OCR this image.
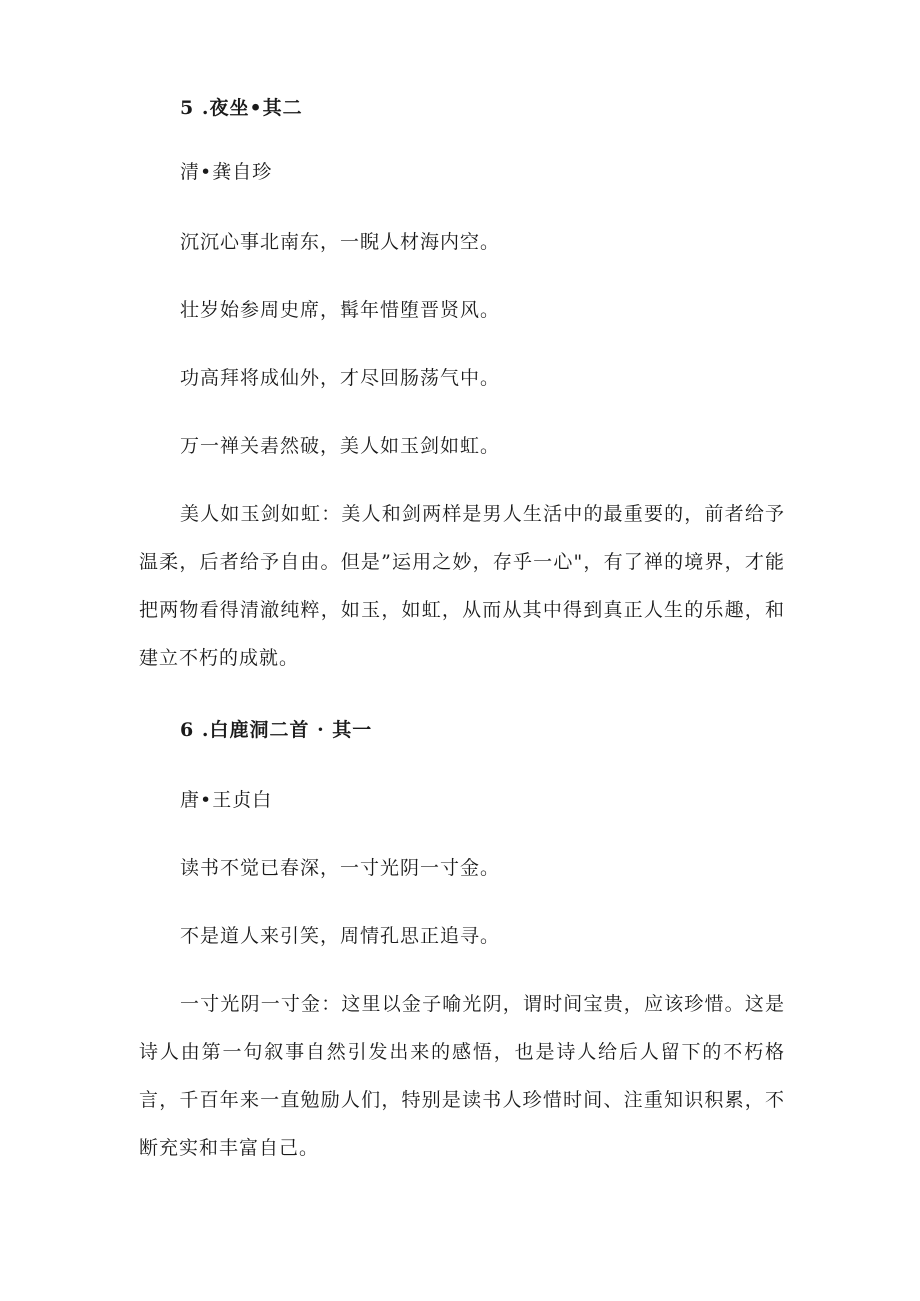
5 .夜坐•其二
清•龚自珍
沉沉心事北南东，一睨人材海内空。
壮岁始参周史席，髯年惜堕晋贤风。
功高拜将成仙外，才尽回肠荡气中。
万一禅关砉然破，美人如玉剑如虹。

美人如玉剑如虹：美人和剑两样是男人生活中的最重要的，前者给予温柔，后者给予自由。但是”运用之妙，存乎一心"，有了禅的境界，才能把两物看得清澈纯粹，如玉，如虹，从而从其中得到真正人生的乐趣，和建立不朽的成就。

6 .白鹿洞二首 · 其一
唐•王贞白
读书不觉已春深，一寸光阴一寸金。
不是道人来引笑，周情孔思正追寻。

一寸光阴一寸金：这里以金子喻光阴，谓时间宝贵，应该珍惜。这是诗人由第一句叙事自然引发出来的感悟，也是诗人给后人留下的不朽格言，千百年来一直勉励人们，特别是读书人珍惜时间、注重知识积累，不断充实和丰富自己。
